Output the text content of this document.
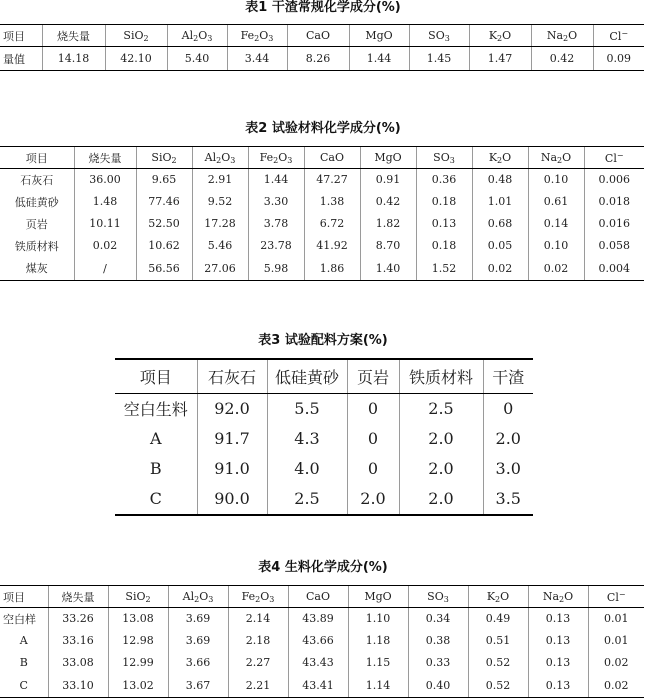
表1 干渣常规化学成分(%)
项目	烧失量	SiO$_2$	$Al_2O_3$	$Fe_2O_3$	CaO	MgO	$SO_3$	$K_2O$	$Na_2O$	Cl−
量值	14.18	42.10	5.40	3.44	8.26	1.44	1.45	1.47	0.42	0.09
表2 试验材料化学成分(%)
项目	烧失量	SiO$_2$	$Al_2O_3$	$Fe_2O_3$	CaO	MgO	$SO_3$	$K_2O$	$Na_2O$	Cl−
石灰石	36.00	9.65	2.91	1.44	47.27	0.91	0.36	0.48	0.10	0.006
低硅黄砂	1.48	77.46	9.52	3.30	1.38	0.42	0.18	1.01	0.61	0.018
页岩	10.11	52.50	17.28	3.78	6.72	1.82	0.13	0.68	0.14	0.016
铁质材料	0.02	10.62	5.46	23.78	41.92	8.70	0.18	0.05	0.10	0.058
煤灰	/	56.56	27.06	5.98	1.86	1.40	1.52	0.02	0.02	0.004
表3 试验配料方案(%)
项目	石灰石	低硅黄砂	页岩	铁质材料	干渣
空白生料	92.0	5.5	0	2.5	0
A	91.7	4.3	0	2.0	2.0
B	91.0	4.0	0	2.0	3.0
C	90.0	2.5	2.0	2.0	3.5
表4 生料化学成分(%)
项目	烧失量	SiO$_2$	$Al_2O_3$	$Fe_2O_3$	CaO	MgO	$SO_3$	$K_2O$	$Na_2O$	Cl−
空白样	33.26	13.08	3.69	2.14	43.89	1.10	0.34	0.49	0.13	0.01
A	33.16	12.98	3.69	2.18	43.66	1.18	0.38	0.51	0.13	0.01
B	33.08	12.99	3.66	2.27	43.43	1.15	0.33	0.52	0.13	0.02
C	33.10	13.02	3.67	2.21	43.41	1.14	0.40	0.52	0.13	0.02
